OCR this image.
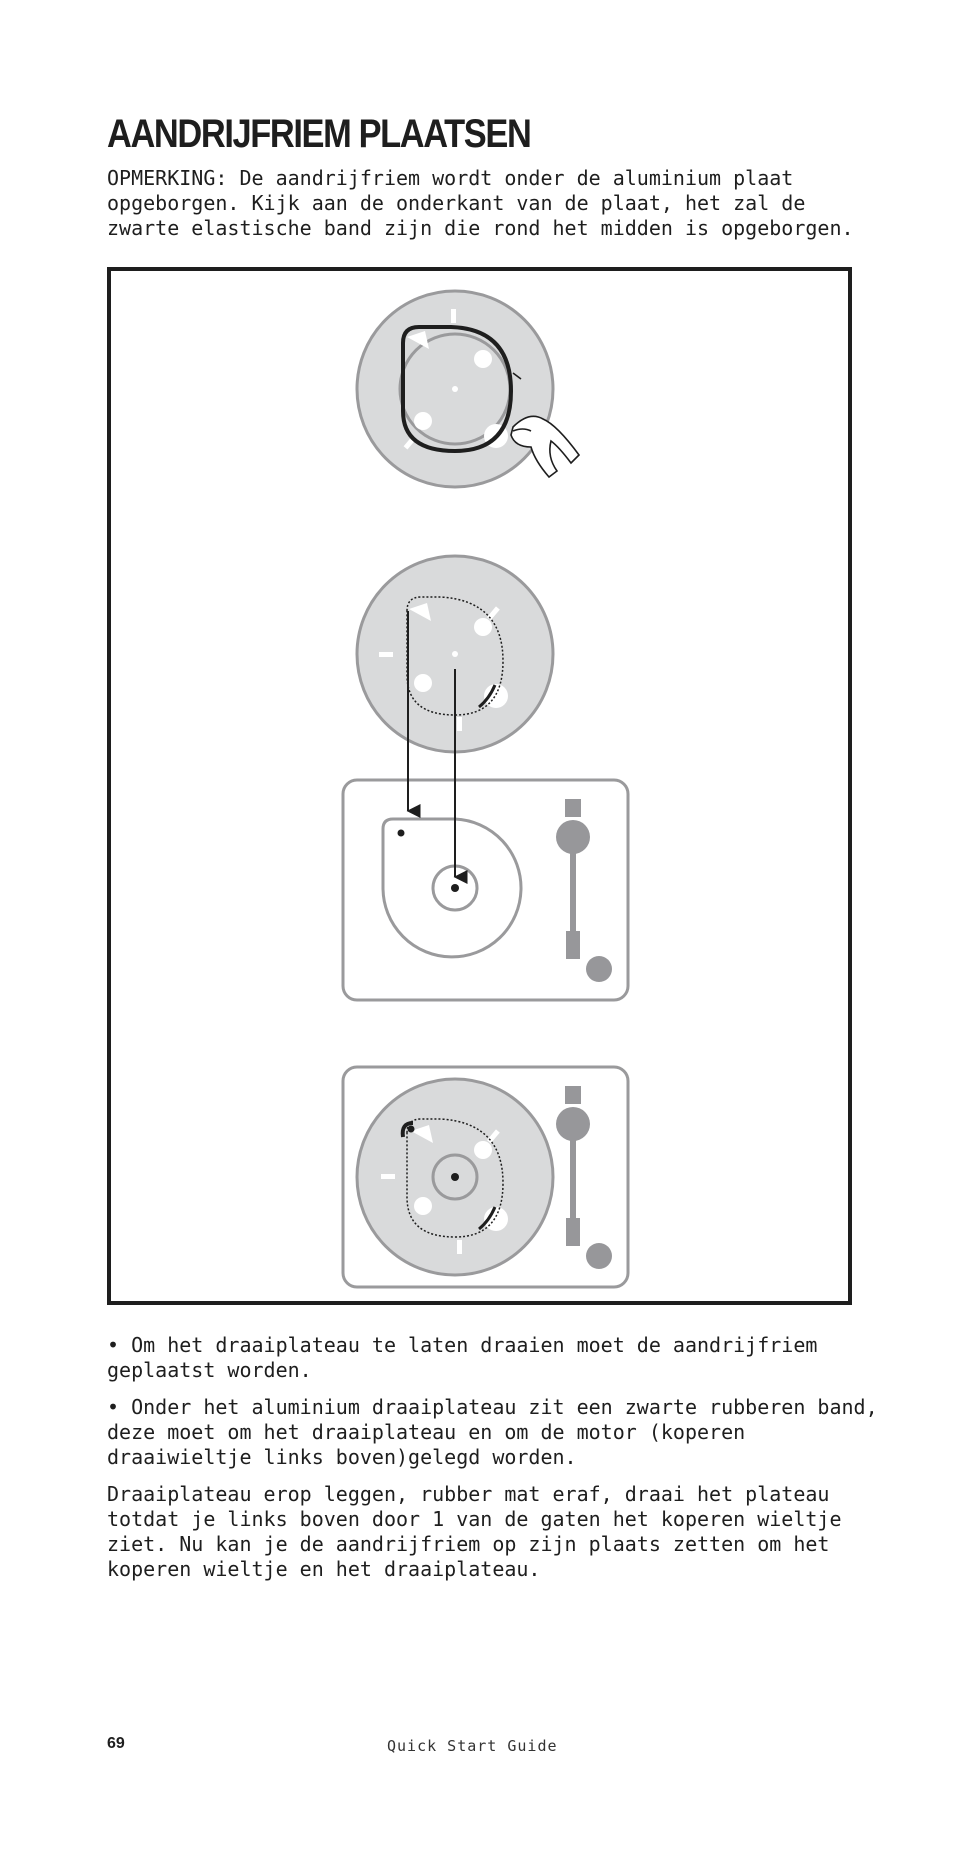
AANDRIJFRIEM PLAATSEN

OPMERKING: De aandrijfriem wordt onder de aluminium plaat opgeborgen. Kijk aan de onderkant van de plaat, het zal de zwarte elastische band zijn die rond het midden is opgeborgen.

• Om het draaiplateau te laten draaien moet de aandrijfriem geplaatst worden.

• Onder het aluminium draaiplateau zit een zwarte rubberen band, deze moet om het draaiplateau en om de motor (koperen draaiwieltje links boven)gelegd worden.

Draaiplateau erop leggen, rubber mat eraf, draai het plateau totdat je links boven door 1 van de gaten het koperen wieltje ziet. Nu kan je de aandrijfriem op zijn plaats zetten om het koperen wieltje en het draaiplateau.

69	Quick Start Guide
